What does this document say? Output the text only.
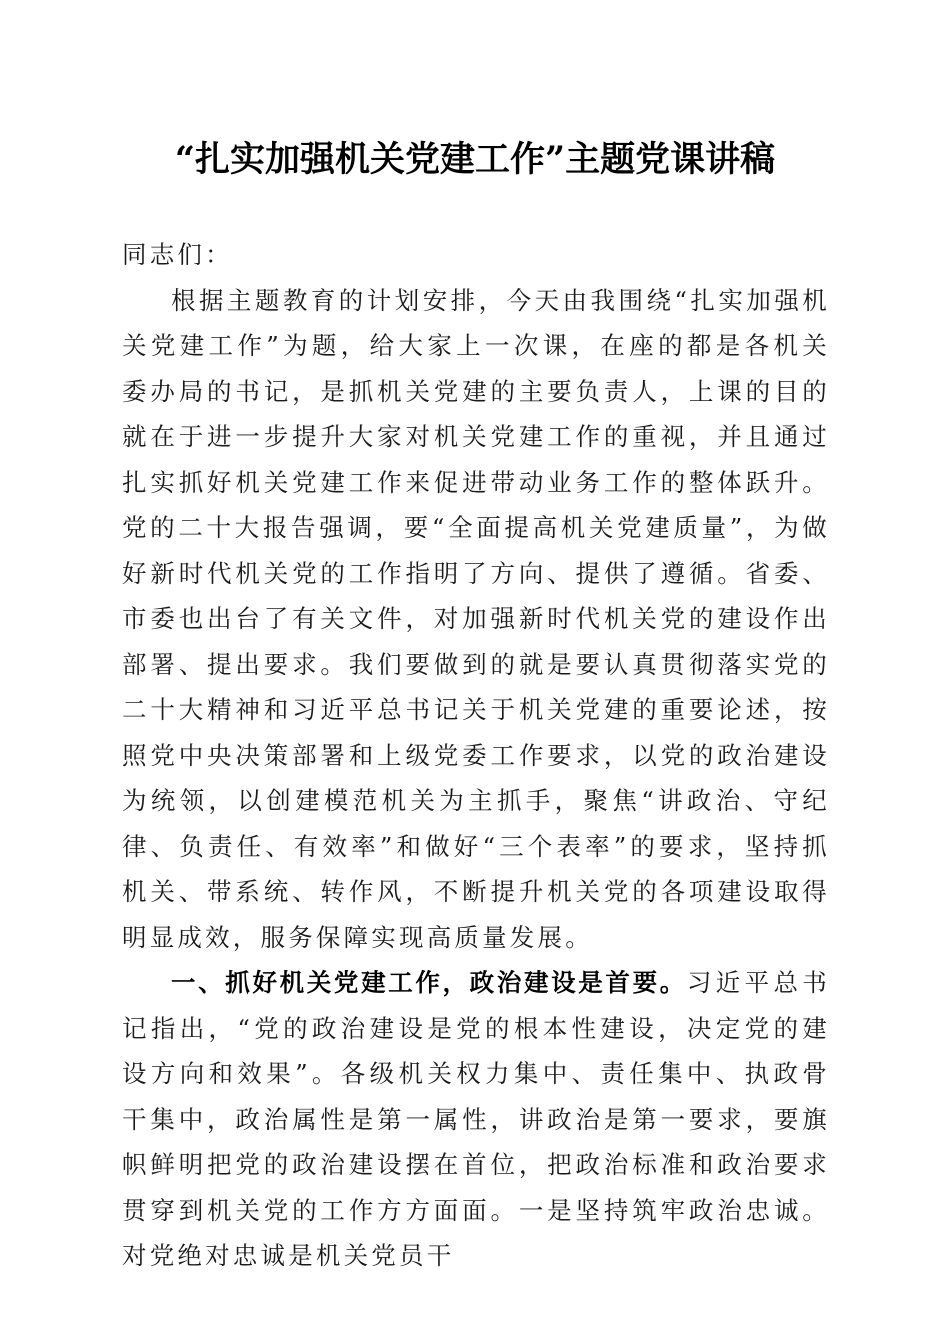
“扎实加强机关党建工作”主题党课讲稿

同志们：

根据主题教育的计划安排，今天由我围绕“扎实加强机关党建工作”为题，给大家上一次课，在座的都是各机关委办局的书记，是抓机关党建的主要负责人，上课的目的就在于进一步提升大家对机关党建工作的重视，并且通过扎实抓好机关党建工作来促进带动业务工作的整体跃升。党的二十大报告强调，要“全面提高机关党建质量”，为做好新时代机关党的工作指明了方向、提供了遵循。省委、市委也出台了有关文件，对加强新时代机关党的建设作出部署、提出要求。我们要做到的就是要认真贯彻落实党的二十大精神和习近平总书记关于机关党建的重要论述，按照党中央决策部署和上级党委工作要求，以党的政治建设为统领，以创建模范机关为主抓手，聚焦“讲政治、守纪律、负责任、有效率”和做好“三个表率”的要求，坚持抓机关、带系统、转作风，不断提升机关党的各项建设取得明显成效，服务保障实现高质量发展。

一、抓好机关党建工作，政治建设是首要。习近平总书记指出，“党的政治建设是党的根本性建设，决定党的建设方向和效果”。各级机关权力集中、责任集中、执政骨干集中，政治属性是第一属性，讲政治是第一要求，要旗帜鲜明把党的政治建设摆在首位，把政治标准和政治要求贯穿到机关党的工作方方面面。一是坚持筑牢政治忠诚。对党绝对忠诚是机关党员干
